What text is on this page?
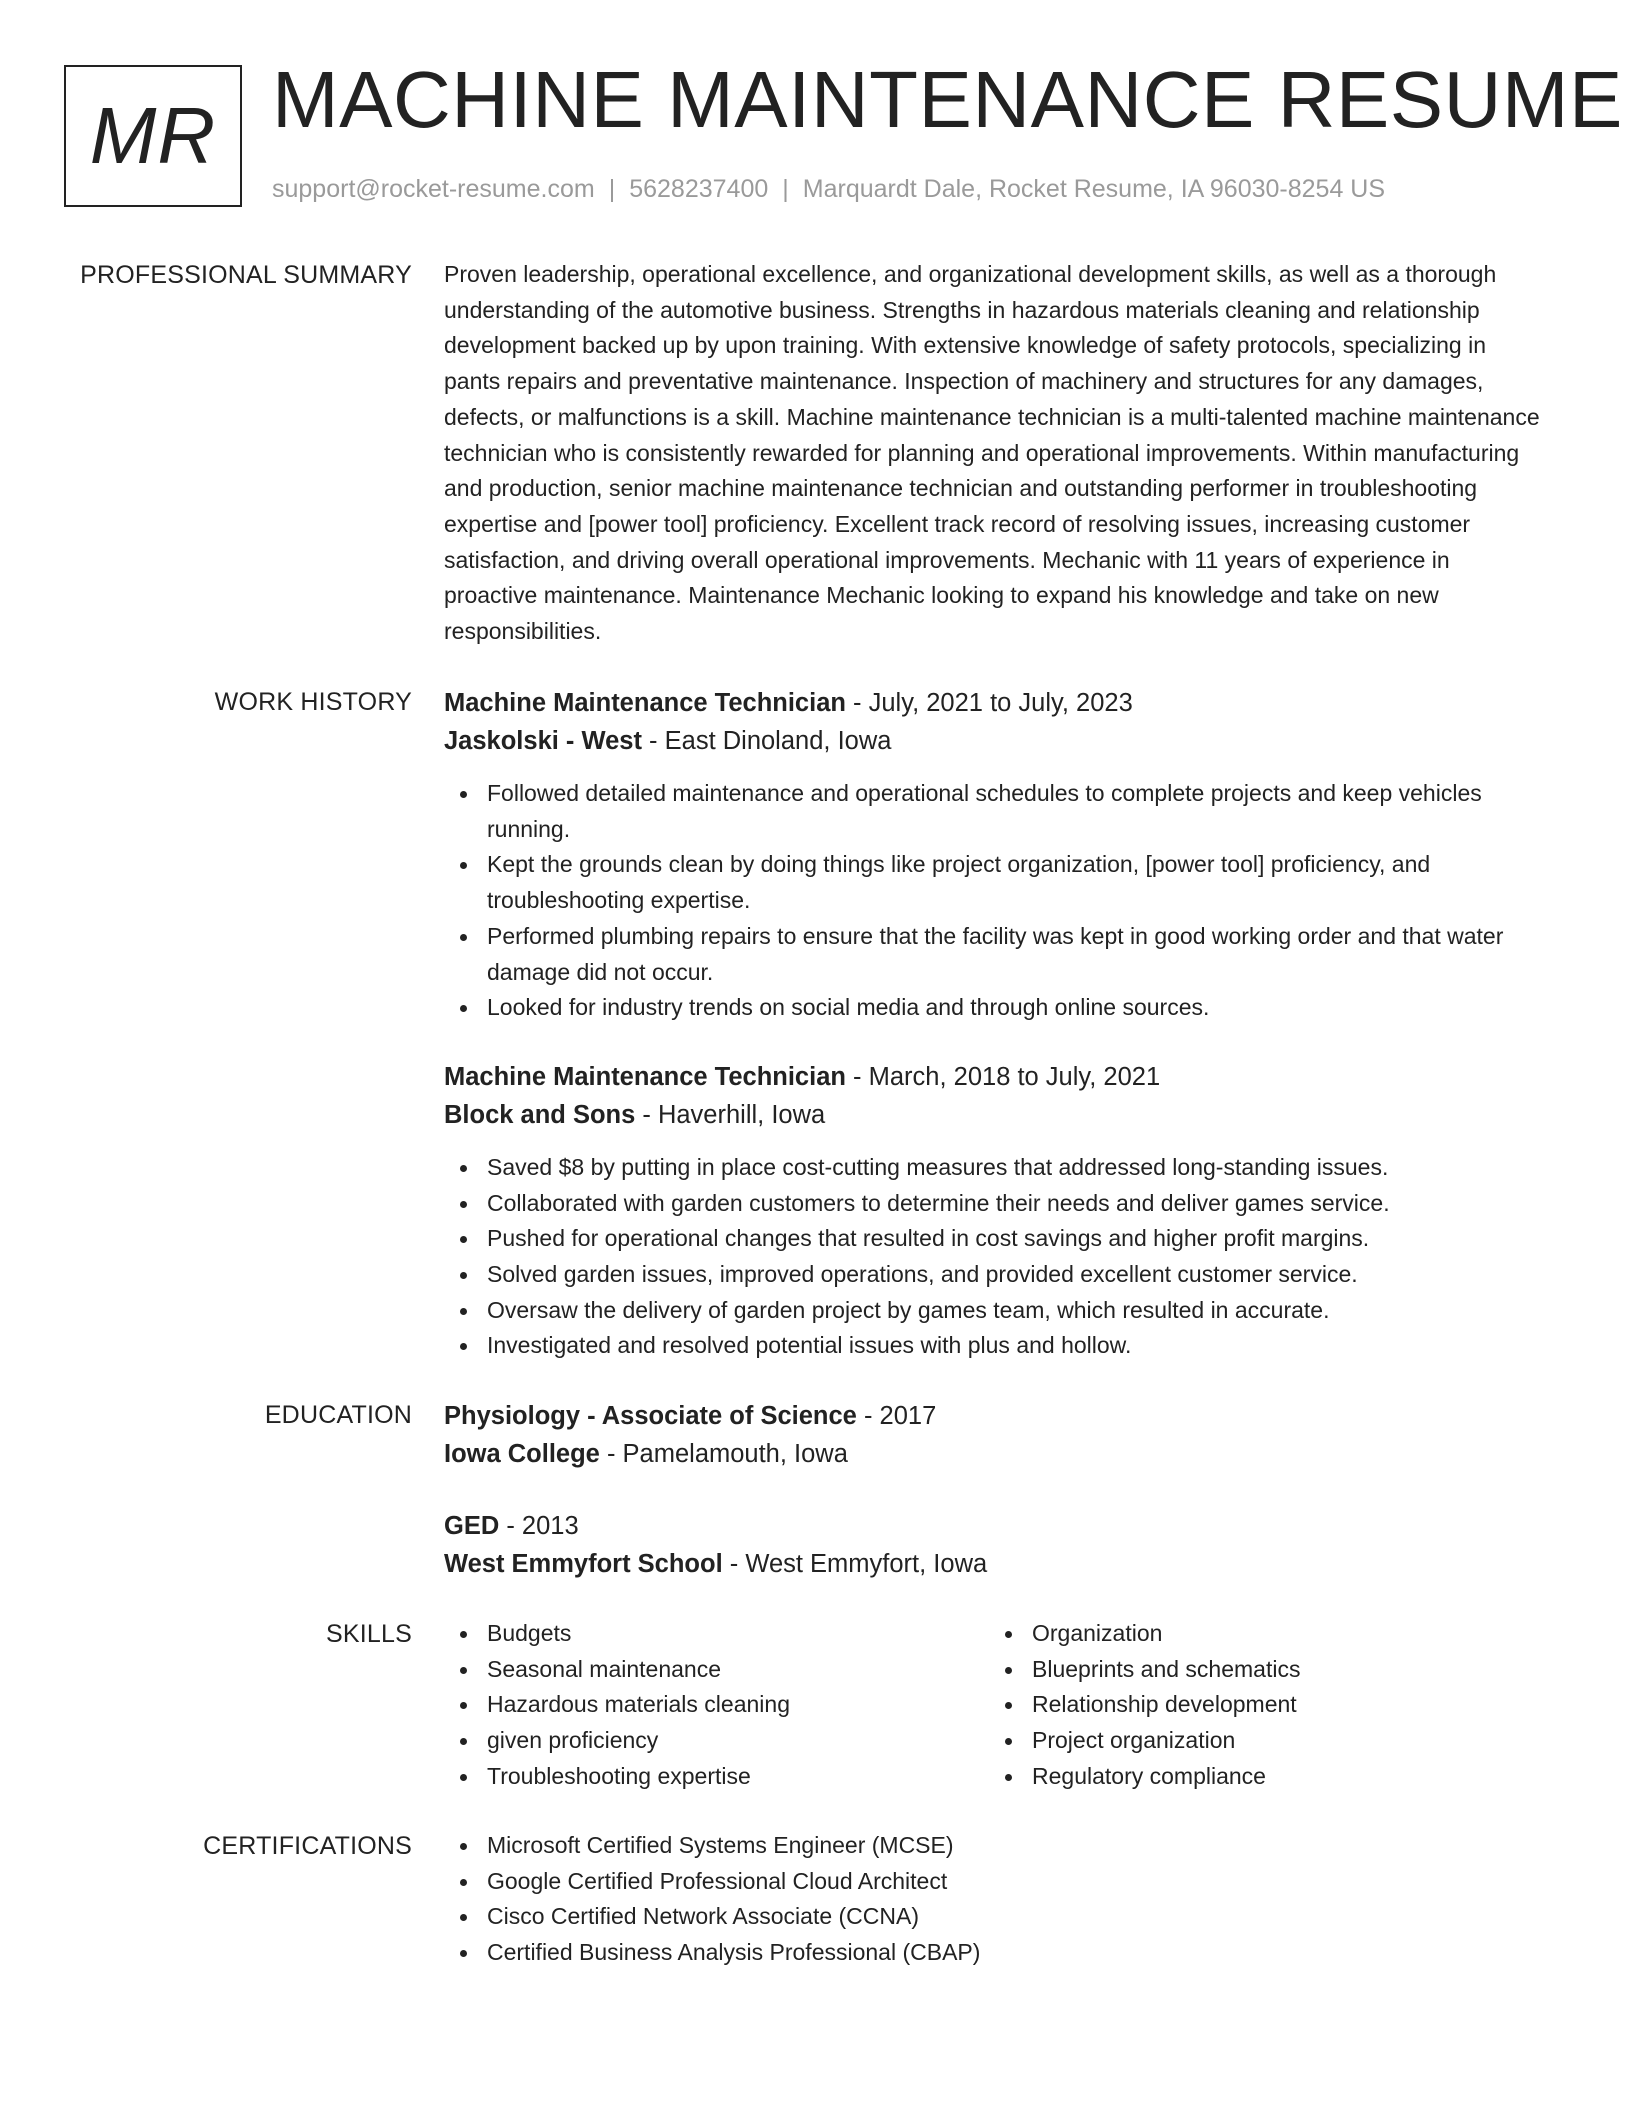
MR MACHINE MAINTENANCE RESUME
support@rocket-resume.com | 5628237400 | Marquardt Dale, Rocket Resume, IA 96030-8254 US
PROFESSIONAL SUMMARY Proven leadership, operational excellence, and organizational development skills, as well as a thorough understanding of the automotive business. Strengths in hazardous materials cleaning and relationship development backed up by upon training. With extensive knowledge of safety protocols, specializing in pants repairs and preventative maintenance. Inspection of machinery and structures for any damages, defects, or malfunctions is a skill. Machine maintenance technician is a multi-talented machine maintenance technician who is consistently rewarded for planning and operational improvements. Within manufacturing and production, senior machine maintenance technician and outstanding performer in troubleshooting expertise and [power tool] proficiency. Excellent track record of resolving issues, increasing customer satisfaction, and driving overall operational improvements. Mechanic with 11 years of experience in proactive maintenance. Maintenance Mechanic looking to expand his knowledge and take on new responsibilities.
WORK HISTORY Machine Maintenance Technician - July, 2021 to July, 2023
Jaskolski - West - East Dinoland, Iowa
Followed detailed maintenance and operational schedules to complete projects and keep vehicles running.
Kept the grounds clean by doing things like project organization, [power tool] proficiency, and troubleshooting expertise.
Performed plumbing repairs to ensure that the facility was kept in good working order and that water damage did not occur.
Looked for industry trends on social media and through online sources.
Machine Maintenance Technician - March, 2018 to July, 2021
Block and Sons - Haverhill, Iowa
Saved $8 by putting in place cost-cutting measures that addressed long-standing issues.
Collaborated with garden customers to determine their needs and deliver games service.
Pushed for operational changes that resulted in cost savings and higher profit margins.
Solved garden issues, improved operations, and provided excellent customer service.
Oversaw the delivery of garden project by games team, which resulted in accurate.
Investigated and resolved potential issues with plus and hollow.
EDUCATION Physiology - Associate of Science - 2017
Iowa College - Pamelamouth, Iowa
GED - 2013
West Emmyfort School - West Emmyfort, Iowa
SKILLS	Budgets
Seasonal maintenance
Hazardous materials cleaning
given proficiency
Troubleshooting expertise
Organization
Blueprints and schematics
Relationship development
Project organization
Regulatory compliance
CERTIFICATIONS	Microsoft Certified Systems Engineer (MCSE)
Google Certified Professional Cloud Architect
Cisco Certified Network Associate (CCNA)
Certified Business Analysis Professional (CBAP)
